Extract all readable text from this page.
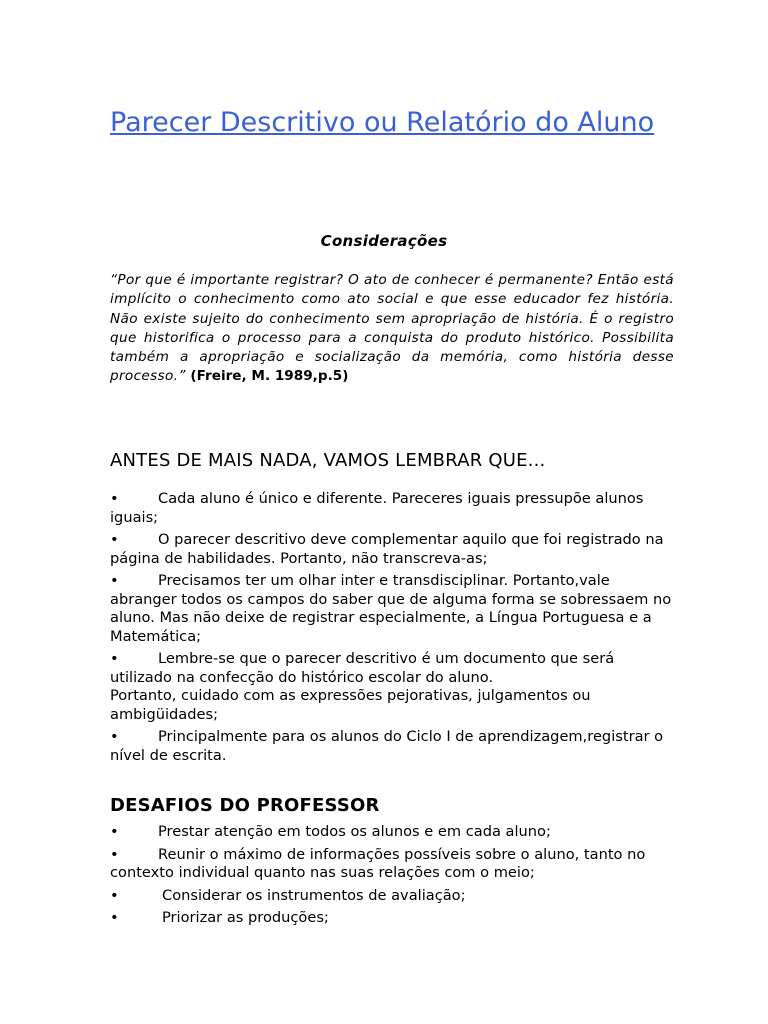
Parecer Descritivo ou Relatório do Aluno
Considerações
“Por que é importante registrar? O ato de conhecer é permanente? Então está implícito o conhecimento como ato social e que esse educador fez história. Não existe sujeito do conhecimento sem apropriação de história. É o registro que historifica o processo para a conquista do produto histórico. Possibilita também a apropriação e socialização da memória, como história desse processo.” (Freire, M. 1989,p.5)
ANTES DE MAIS NADA, VAMOS LEMBRAR QUE...
•	Cada aluno é único e diferente. Pareceres iguais pressupõe alunos iguais;
•	O parecer descritivo deve complementar aquilo que foi registrado na página de habilidades. Portanto, não transcreva-as;
•	Precisamos ter um olhar inter e transdisciplinar. Portanto,vale abranger todos os campos do saber que de alguma forma se sobressaem no aluno. Mas não deixe de registrar especialmente, a Língua Portuguesa e a Matemática;
•	Lembre-se que o parecer descritivo é um documento que será utilizado na confecção do histórico escolar do aluno.
Portanto, cuidado com as expressões pejorativas, julgamentos ou ambigüidades;
•	Principalmente para os alunos do Ciclo I de aprendizagem,registrar o nível de escrita.
DESAFIOS DO PROFESSOR
•	Prestar atenção em todos os alunos e em cada aluno;
•	Reunir o máximo de informações possíveis sobre o aluno, tanto no contexto individual quanto nas suas relações com o meio;
•	Considerar os instrumentos de avaliação;
•	Priorizar as produções;
